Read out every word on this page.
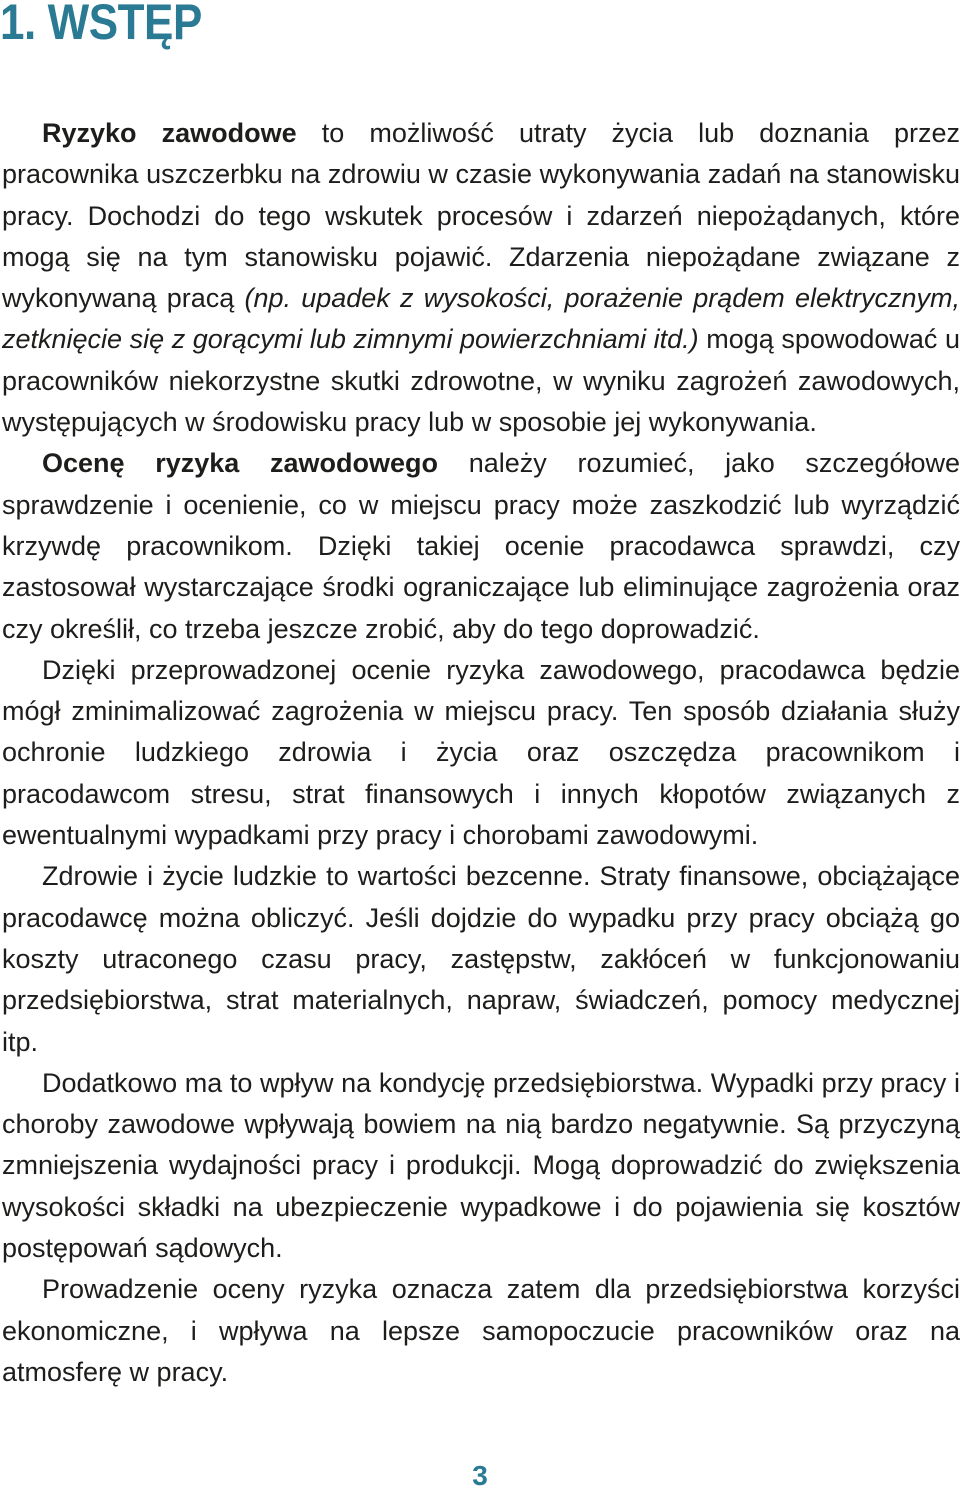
1. WSTĘP

Ryzyko zawodowe to możliwość utraty życia lub doznania przez pracownika uszczerbku na zdrowiu w czasie wykonywania zadań na stanowisku pracy. Dochodzi do tego wskutek procesów i zdarzeń niepożądanych, które mogą się na tym stanowisku pojawić. Zdarzenia niepożądane związane z wykonywaną pracą (np. upadek z wysokości, porażenie prądem elektrycznym, zetknięcie się z gorącymi lub zimnymi powierzchniami itd.) mogą spowodować u pracowników niekorzystne skutki zdrowotne, w wyniku zagrożeń zawodowych, występujących w środowisku pracy lub w sposobie jej wykonywania.

Ocenę ryzyka zawodowego należy rozumieć, jako szczegółowe sprawdzenie i ocenienie, co w miejscu pracy może zaszkodzić lub wyrządzić krzywdę pracownikom. Dzięki takiej ocenie pracodawca sprawdzi, czy zastosował wystarczające środki ograniczające lub eliminujące zagrożenia oraz czy określił, co trzeba jeszcze zrobić, aby do tego doprowadzić.

Dzięki przeprowadzonej ocenie ryzyka zawodowego, pracodawca będzie mógł zminimalizować zagrożenia w miejscu pracy. Ten sposób działania służy ochronie ludzkiego zdrowia i życia oraz oszczędza pracownikom i pracodawcom stresu, strat finansowych i innych kłopotów związanych z ewentualnymi wypadkami przy pracy i chorobami zawodowymi.

Zdrowie i życie ludzkie to wartości bezcenne. Straty finansowe, obciążające pracodawcę można obliczyć. Jeśli dojdzie do wypadku przy pracy obciążą go koszty utraconego czasu pracy, zastępstw, zakłóceń w funkcjonowaniu przedsiębiorstwa, strat materialnych, napraw, świadczeń, pomocy medycznej itp.

Dodatkowo ma to wpływ na kondycję przedsiębiorstwa. Wypadki przy pracy i choroby zawodowe wpływają bowiem na nią bardzo negatywnie. Są przyczyną zmniejszenia wydajności pracy i produkcji. Mogą doprowadzić do zwiększenia wysokości składki na ubezpieczenie wypadkowe i do pojawienia się kosztów postępowań sądowych.

Prowadzenie oceny ryzyka oznacza zatem dla przedsiębiorstwa korzyści ekonomiczne, i wpływa na lepsze samopoczucie pracowników oraz na atmosferę w pracy.

3
